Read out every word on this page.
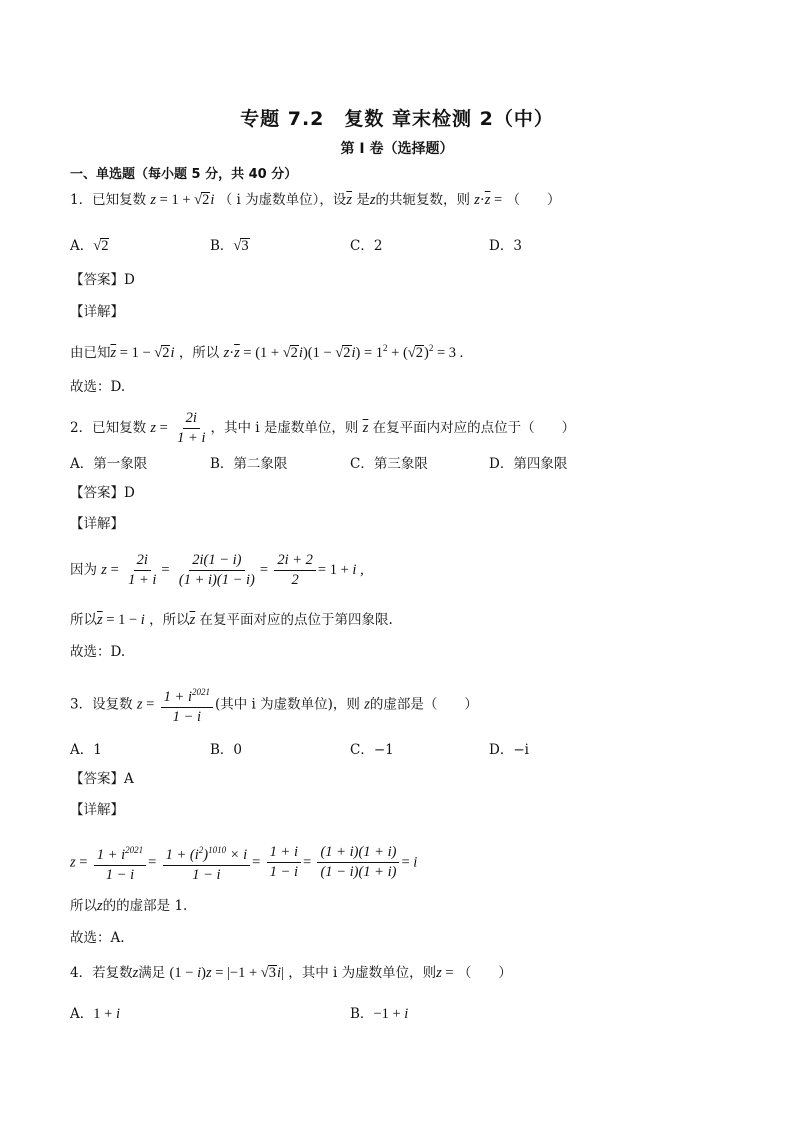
专题 7.2　复数 章末检测 2（中）
第 I 卷（选择题）
一、单选题（每小题 5 分，共 40 分）
1．已知复数 z = 1 + √2i （ i 为虚数单位），设$\overline{z}$ 是z的共轭复数，则 $z\cdot\overline{z}$ = （　　）
A．√2	B．√3	C．2	D．3
【答案】D
【详解】
由已知$\overline{z} = 1 - √2i$ ，所以 $z\cdot\overline{z} = (1 + √2i)(1 - √2i) = 1^2 + (√2)^2 = 3$ .
故选：D.
2．已知复数 $z = \frac{2i}{1 + i}$ ，其中 i 是虚数单位，则 $\overline{z}$ 在复平面内对应的点位于（　　）
A．第一象限	B．第二象限	C．第三象限	D．第四象限
【答案】D
【详解】
因为 $z = \frac{2i}{1 + i} = \frac{2i(1 - i)}{(1 + i)(1 - i)} = \frac{2i + 2}{2} = 1 + i$ ,
所以$\overline{z} = 1 - i$ ，所以$\overline{z}$ 在复平面对应的点位于第四象限.
故选：D.
3．设复数 $z = \frac{1 + i^{2021}}{1 - i}$ (其中 i 为虚数单位)，则 z的虚部是（　　）
A．1	B．0	C．−1	D．−i
【答案】A
【详解】
$z = \frac{1 + i^{2021}}{1 - i} = \frac{1 + (i^2)^{1010} \times i}{1 - i} = \frac{1 + i}{1 - i} = \frac{(1 + i)(1 + i)}{(1 - i)(1 + i)} = i$
所以z的的虚部是 1.
故选：A.
4．若复数z满足 (1 − i)z = |−1 + √3i| ，其中 i 为虚数单位，则z = （　　）
A．1 + i	B．−1 + i
